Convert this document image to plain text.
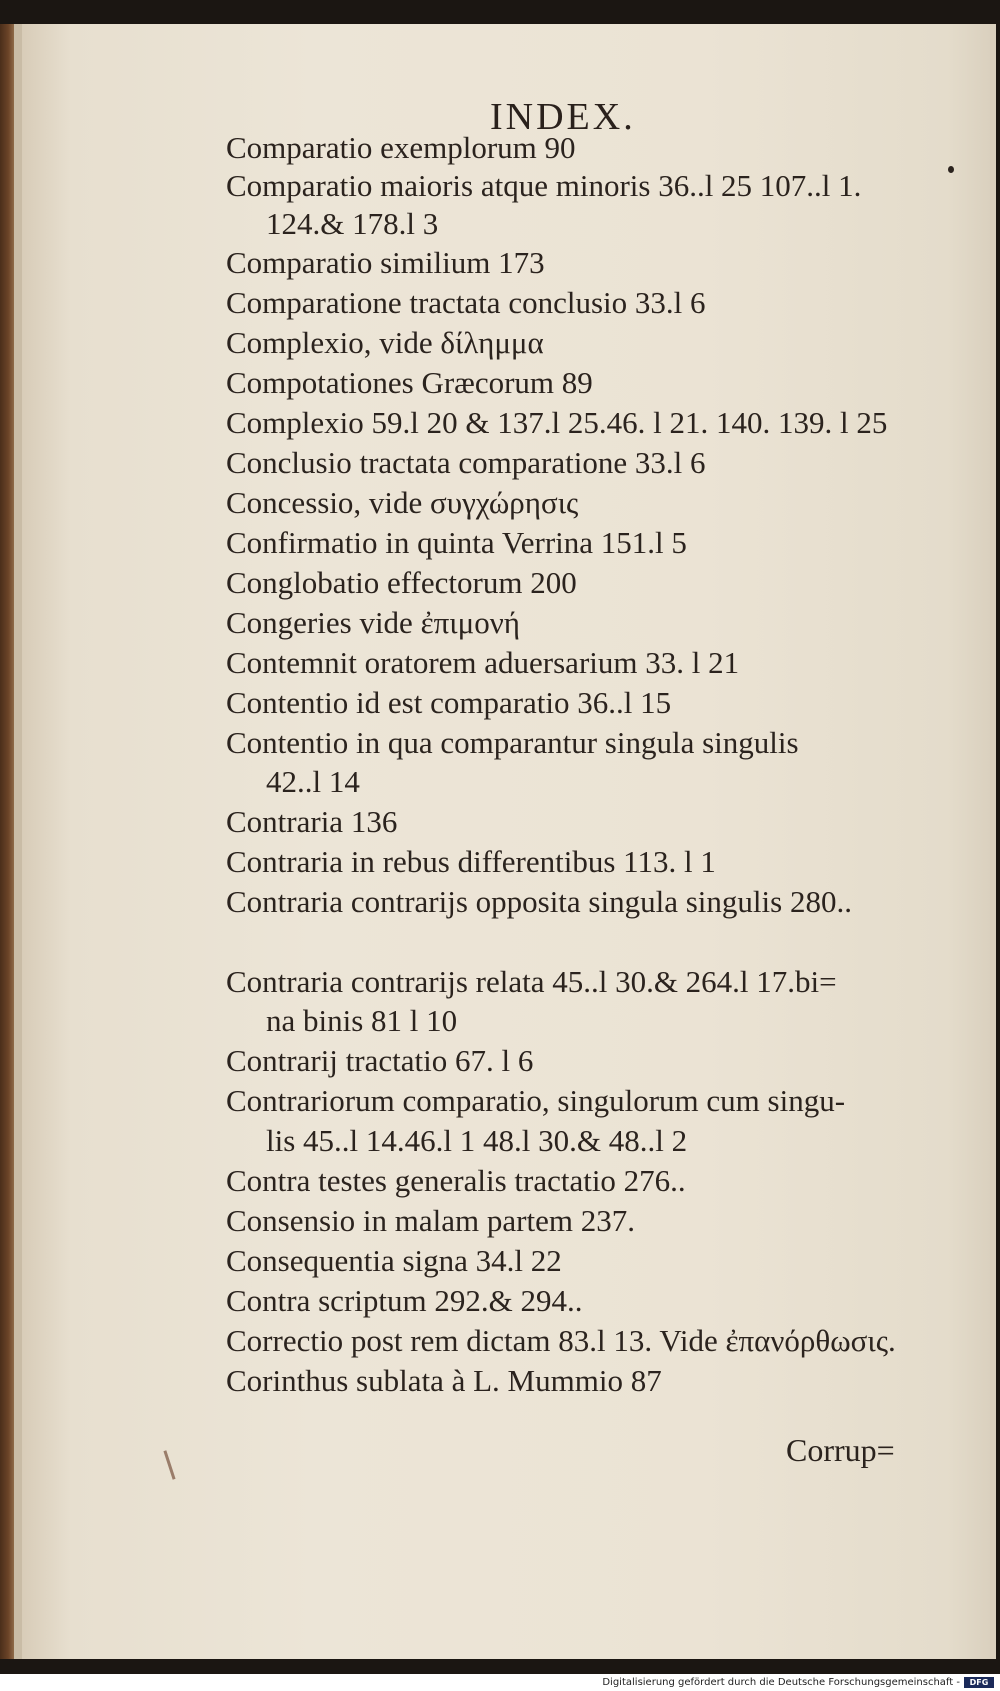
INDEX.
Comparatio exemplorum 90
Comparatio maioris atque minoris 36..l 25 107..l 1.
124.& 178.l 3
Comparatio similium 173
Comparatione tractata conclusio 33.l 6
Complexio, vide δίλημμα
Compotationes Græcorum 89
Complexio 59.l 20 & 137.l 25.46. l 21. 140. 139. l 25
Conclusio tractata comparatione 33.l 6
Concessio, vide συγχώρησις
Confirmatio in quinta Verrina 151.l 5
Conglobatio effectorum 200
Congeries vide ἐπιμονή
Contemnit oratorem aduersarium 33. l 21
Contentio id est comparatio 36..l 15
Contentio in qua comparantur singula singulis
42..l 14
Contraria 136
Contraria in rebus differentibus 113. l 1
Contraria contrarijs opposita singula singulis 280..
Contraria contrarijs relata 45..l 30.& 264.l 17.bi=
na binis 81 l 10
Contrarij tractatio 67. l 6
Contrariorum comparatio, singulorum cum singu-
lis 45..l 14.46.l 1 48.l 30.& 48..l 2
Contra testes generalis tractatio 276..
Consensio in malam partem 237.
Consequentia signa 34.l 22
Contra scriptum 292.& 294..
Correctio post rem dictam 83.l 13. Vide ἐπανόρθωσις.
Corinthus sublata à L. Mummio 87
Corrup=
Digitalisierung gefördert durch die Deutsche Forschungsgemeinschaft -	DFG
